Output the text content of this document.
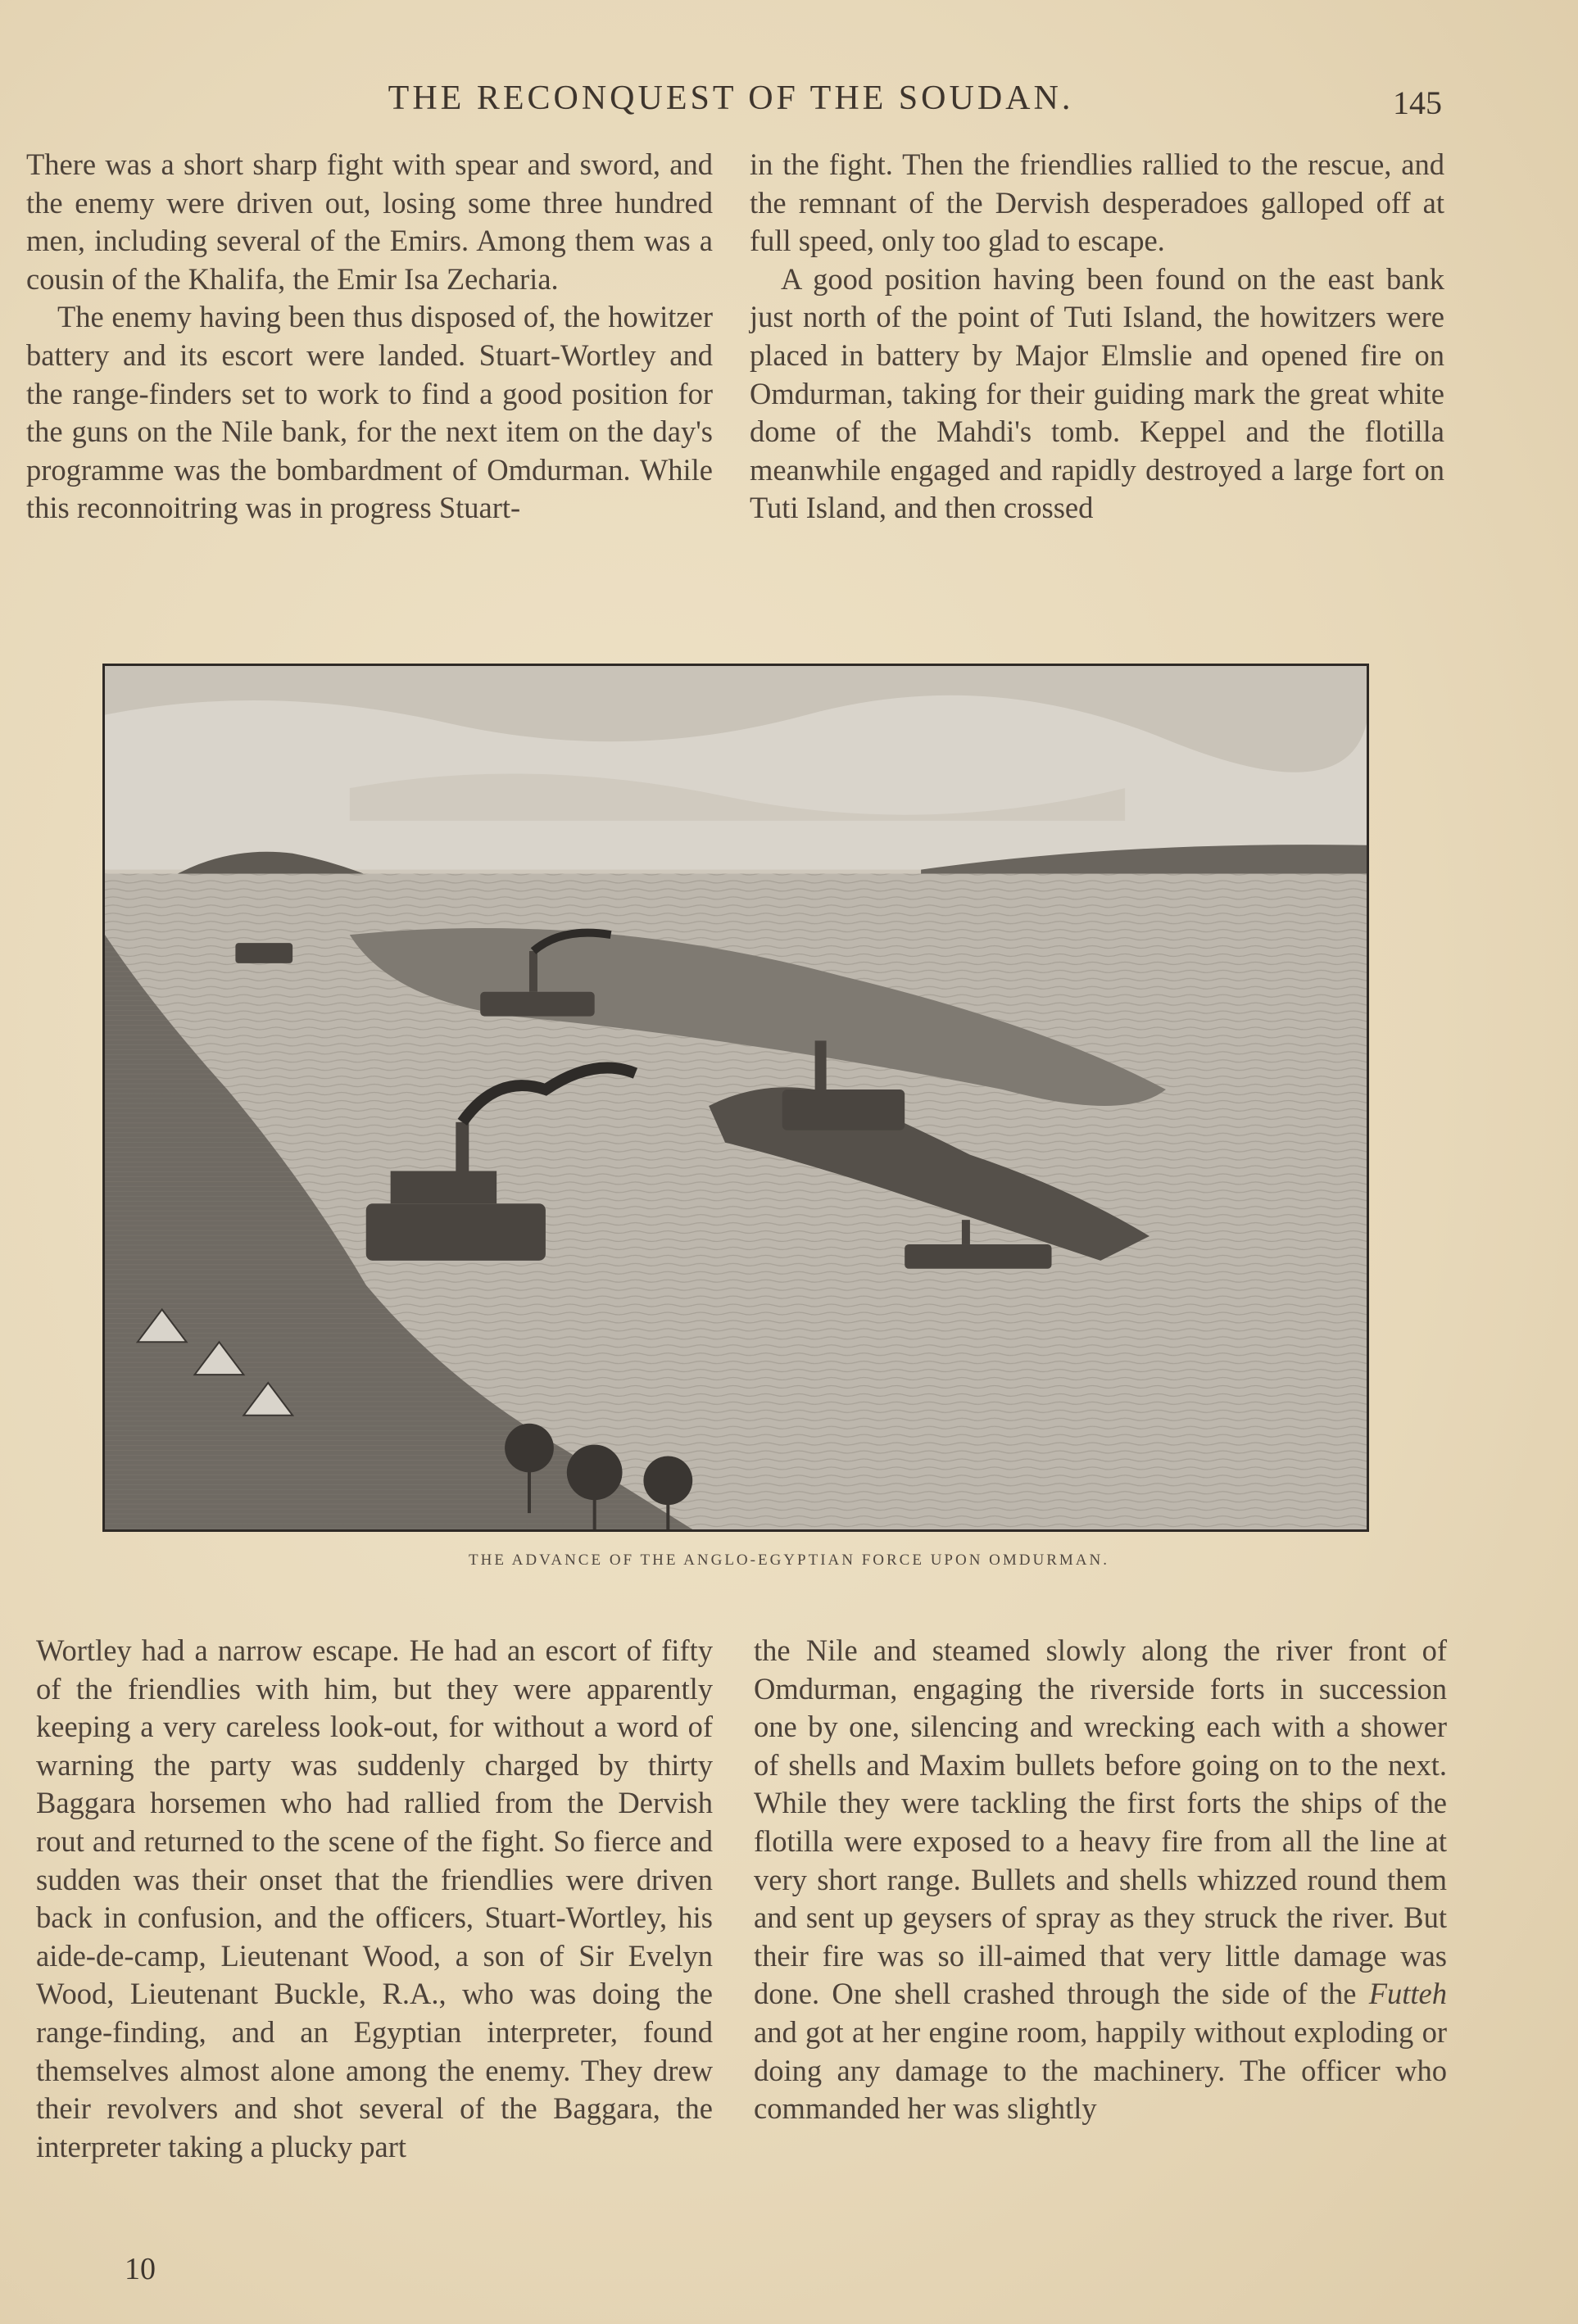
THE RECONQUEST OF THE SOUDAN.	145

There was a short sharp fight with spear and sword, and the enemy were driven out, losing some three hundred men, including several of the Emirs. Among them was a cousin of the Khalifa, the Emir Isa Zecharia.

The enemy having been thus disposed of, the howitzer battery and its escort were landed. Stuart-Wortley and the range-finders set to work to find a good position for the guns on the Nile bank, for the next item on the day's programme was the bombardment of Omdurman. While this reconnoitring was in progress Stuart-

in the fight. Then the friendlies rallied to the rescue, and the remnant of the Dervish desperadoes galloped off at full speed, only too glad to escape.

A good position having been found on the east bank just north of the point of Tuti Island, the howitzers were placed in battery by Major Elmslie and opened fire on Omdurman, taking for their guiding mark the great white dome of the Mahdi's tomb. Keppel and the flotilla meanwhile engaged and rapidly destroyed a large fort on Tuti Island, and then crossed

THE ADVANCE OF THE ANGLO-EGYPTIAN FORCE UPON OMDURMAN.

Wortley had a narrow escape. He had an escort of fifty of the friendlies with him, but they were apparently keeping a very careless look-out, for without a word of warning the party was suddenly charged by thirty Baggara horsemen who had rallied from the Dervish rout and returned to the scene of the fight. So fierce and sudden was their onset that the friendlies were driven back in confusion, and the officers, Stuart-Wortley, his aide-de-camp, Lieutenant Wood, a son of Sir Evelyn Wood, Lieutenant Buckle, R.A., who was doing the range-finding, and an Egyptian interpreter, found themselves almost alone among the enemy. They drew their revolvers and shot several of the Baggara, the interpreter taking a plucky part

the Nile and steamed slowly along the river front of Omdurman, engaging the riverside forts in succession one by one, silencing and wrecking each with a shower of shells and Maxim bullets before going on to the next. While they were tackling the first forts the ships of the flotilla were exposed to a heavy fire from all the line at very short range. Bullets and shells whizzed round them and sent up geysers of spray as they struck the river. But their fire was so ill-aimed that very little damage was done. One shell crashed through the side of the Futteh and got at her engine room, happily without exploding or doing any damage to the machinery. The officer who commanded her was slightly

10
